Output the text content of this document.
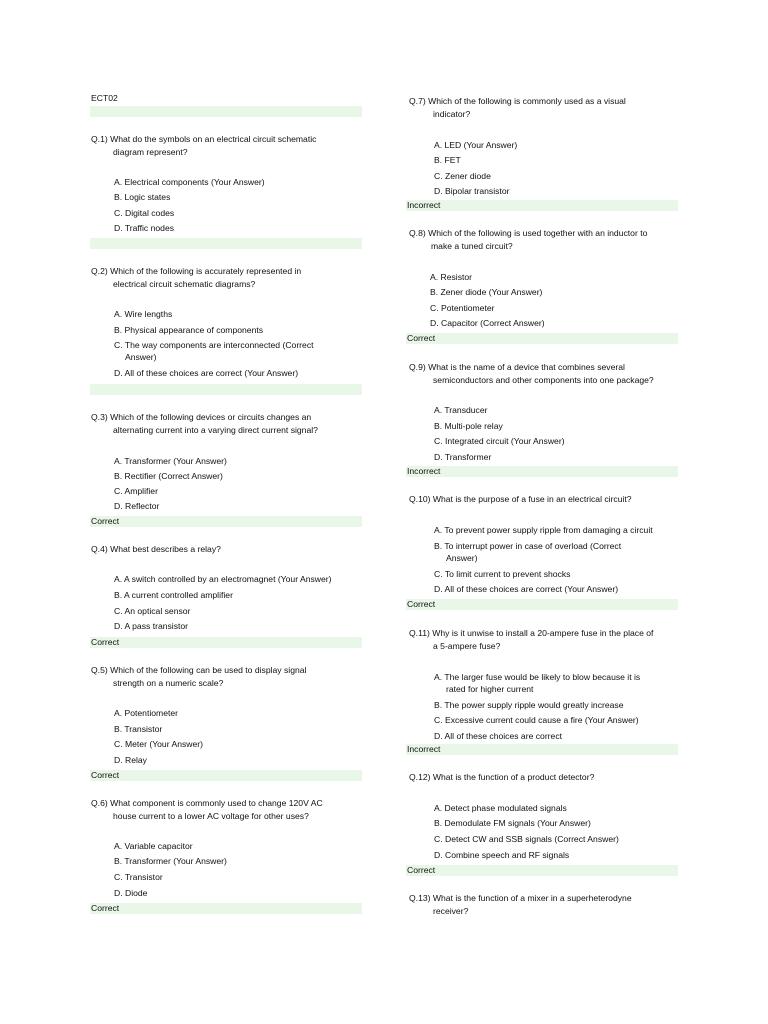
ECT02
Q.1) What do the symbols on an electrical circuit schematic
diagram represent?
A. Electrical components (Your Answer)
B. Logic states
C. Digital codes
D. Traffic nodes
Q.2) Which of the following is accurately represented in
electrical circuit schematic diagrams?
A. Wire lengths
B. Physical appearance of components
C. The way components are interconnected (Correct
Answer)
D. All of these choices are correct (Your Answer)
Q.3) Which of the following devices or circuits changes an
alternating current into a varying direct current signal?
A. Transformer (Your Answer)
B. Rectifier (Correct Answer)
C. Amplifier
D. Reflector
Correct
Q.4) What best describes a relay?
A. A switch controlled by an electromagnet (Your Answer)
B. A current controlled amplifier
C. An optical sensor
D. A pass transistor
Correct
Q.5) Which of the following can be used to display signal
strength on a numeric scale?
A. Potentiometer
B. Transistor
C. Meter (Your Answer)
D. Relay
Correct
Q.6) What component is commonly used to change 120V AC
house current to a lower AC voltage for other uses?
A. Variable capacitor
B. Transformer (Your Answer)
C. Transistor
D. Diode
Correct
Q.7) Which of the following is commonly used as a visual
indicator?
A. LED (Your Answer)
B. FET
C. Zener diode
D. Bipolar transistor
Incorrect
Q.8) Which of the following is used together with an inductor to
make a tuned circuit?
A. Resistor
B. Zener diode (Your Answer)
C. Potentiometer
D. Capacitor (Correct Answer)
Correct
Q.9) What is the name of a device that combines several
semiconductors and other components into one package?
A. Transducer
B. Multi-pole relay
C. Integrated circuit (Your Answer)
D. Transformer
Incorrect
Q.10) What is the purpose of a fuse in an electrical circuit?
A. To prevent power supply ripple from damaging a circuit
B. To interrupt power in case of overload (Correct
Answer)
C. To limit current to prevent shocks
D. All of these choices are correct (Your Answer)
Correct
Q.11) Why is it unwise to install a 20-ampere fuse in the place of
a 5-ampere fuse?
A. The larger fuse would be likely to blow because it is
rated for higher current
B. The power supply ripple would greatly increase
C. Excessive current could cause a fire (Your Answer)
D. All of these choices are correct
Incorrect
Q.12) What is the function of a product detector?
A. Detect phase modulated signals
B. Demodulate FM signals (Your Answer)
C. Detect CW and SSB signals (Correct Answer)
D. Combine speech and RF signals
Correct
Q.13) What is the function of a mixer in a superheterodyne
receiver?
